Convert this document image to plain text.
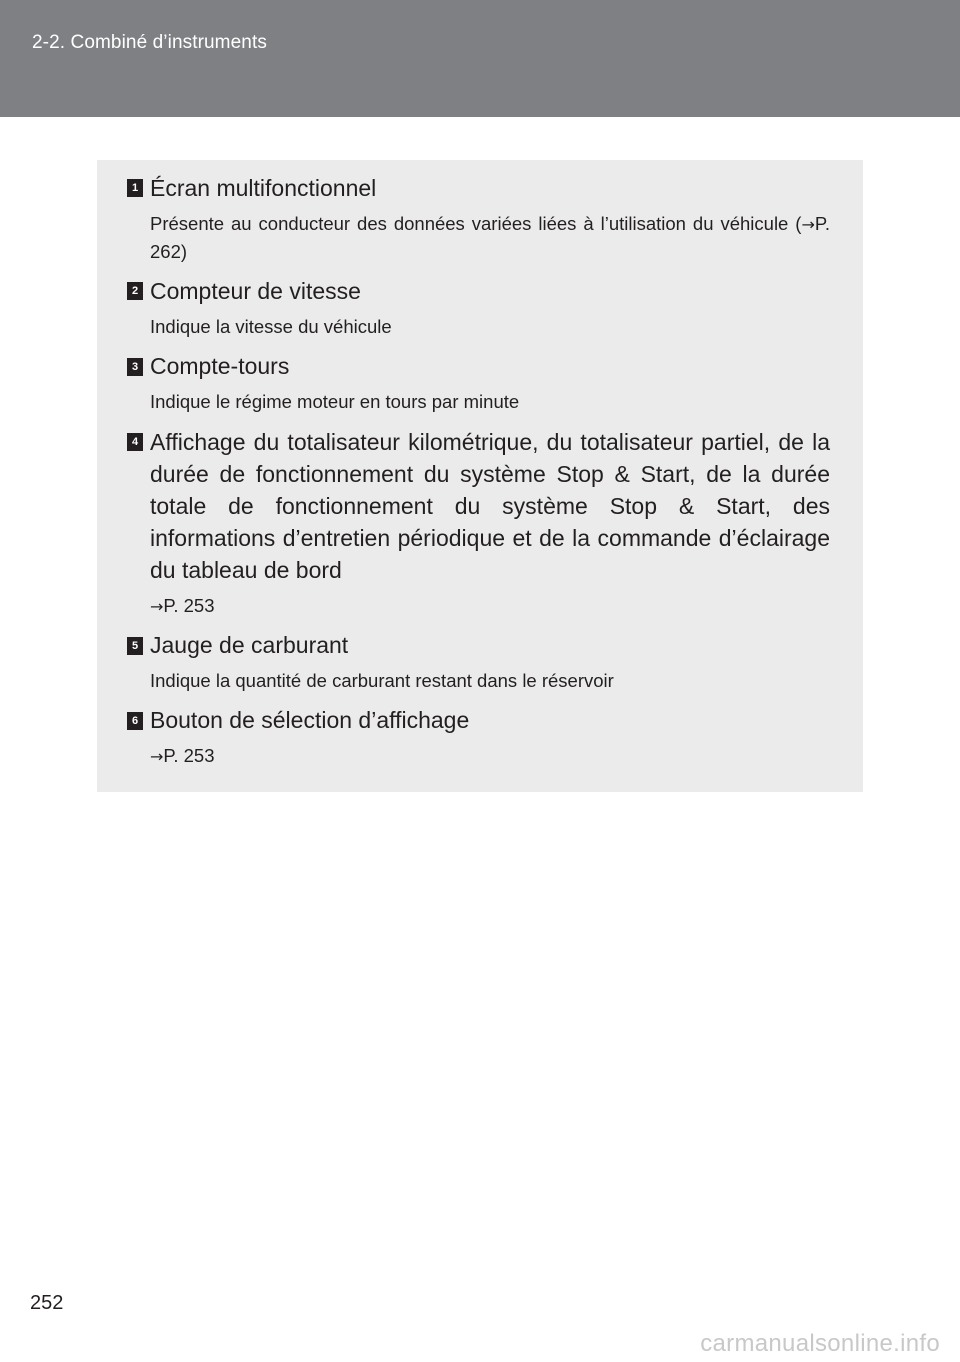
2-2. Combiné d’instruments
1 Écran multifonctionnel
Présente au conducteur des données variées liées à l’utilisation du véhicule (→P. 262)
2 Compteur de vitesse
Indique la vitesse du véhicule
3 Compte-tours
Indique le régime moteur en tours par minute
4 Affichage du totalisateur kilométrique, du totalisateur partiel, de la durée de fonctionnement du système Stop & Start, de la durée totale de fonctionnement du système Stop & Start, des informations d’entretien périodique et de la commande d’éclairage du tableau de bord
→P. 253
5 Jauge de carburant
Indique la quantité de carburant restant dans le réservoir
6 Bouton de sélection d’affichage
→P. 253
252
carmanualsonline.info
